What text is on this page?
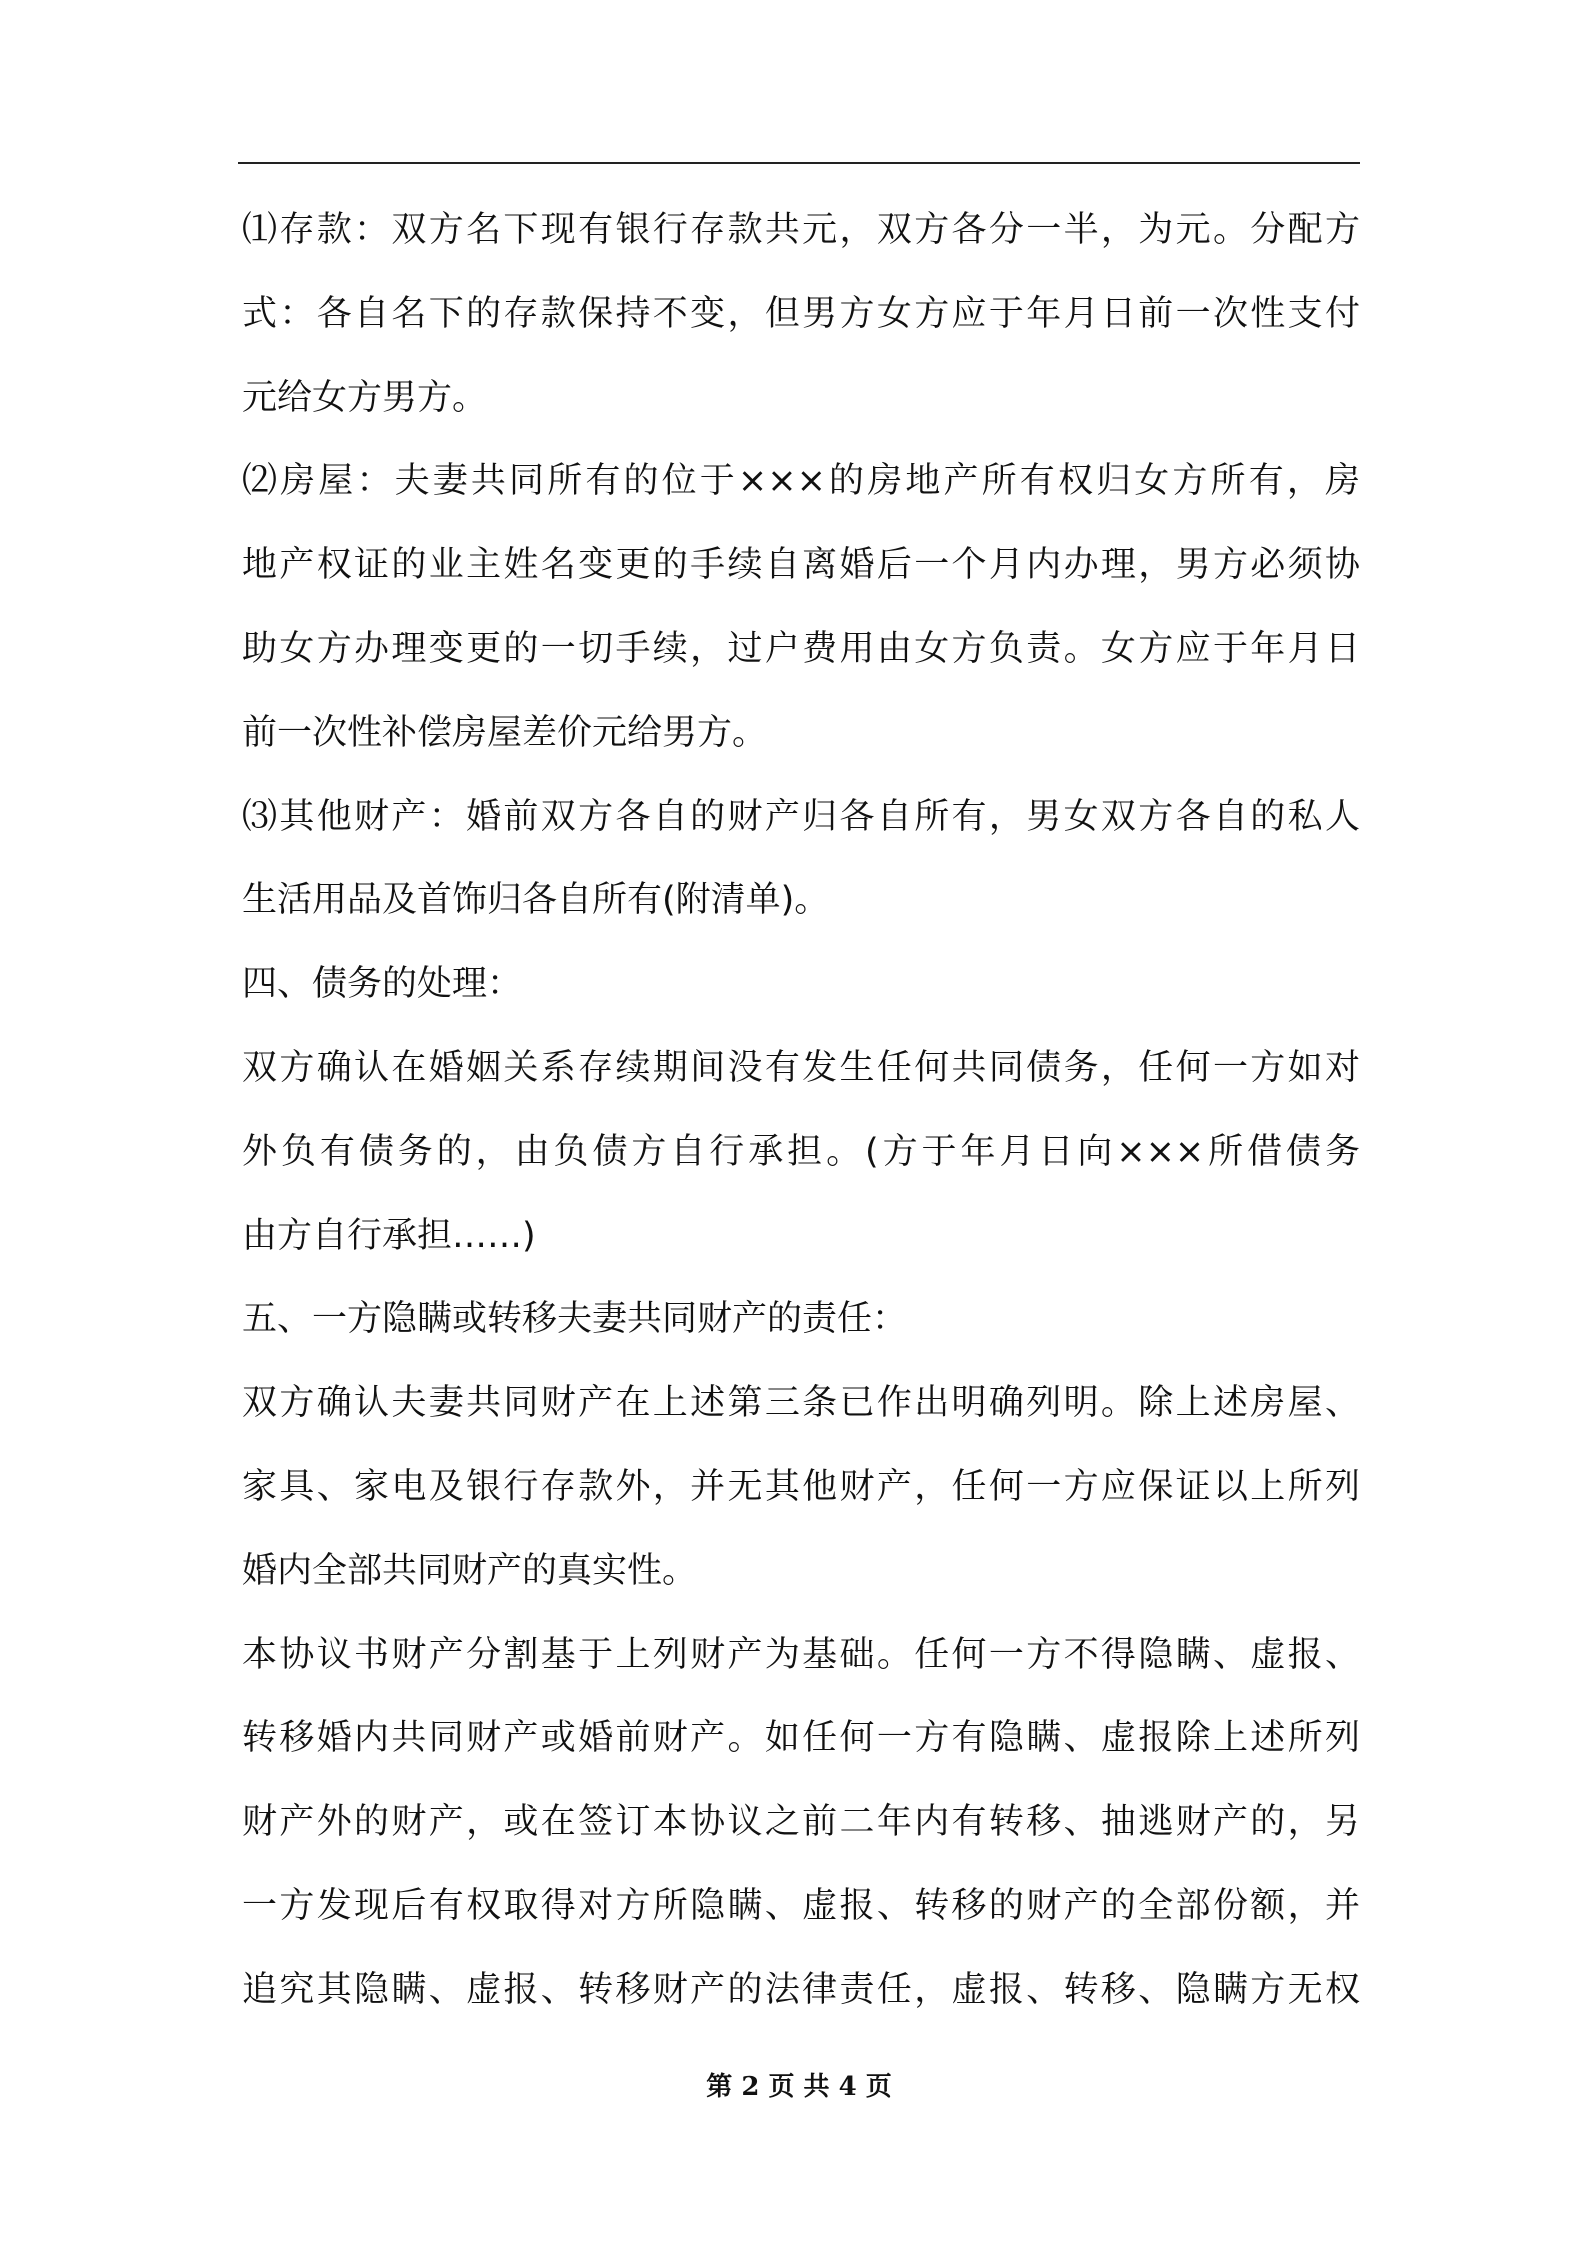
⑴存款：双方名下现有银行存款共元，双方各分一半，为元。分配方
式：各自名下的存款保持不变，但男方女方应于年月日前一次性支付
元给女方男方。
⑵房屋：夫妻共同所有的位于×××的房地产所有权归女方所有，房
地产权证的业主姓名变更的手续自离婚后一个月内办理，男方必须协
助女方办理变更的一切手续，过户费用由女方负责。女方应于年月日
前一次性补偿房屋差价元给男方。
⑶其他财产：婚前双方各自的财产归各自所有，男女双方各自的私人
生活用品及首饰归各自所有(附清单)。
四、债务的处理：
双方确认在婚姻关系存续期间没有发生任何共同债务，任何一方如对
外负有债务的，由负债方自行承担。(方于年月日向×××所借债务
由方自行承担……)
五、一方隐瞒或转移夫妻共同财产的责任：
双方确认夫妻共同财产在上述第三条已作出明确列明。除上述房屋、
家具、家电及银行存款外，并无其他财产，任何一方应保证以上所列
婚内全部共同财产的真实性。
本协议书财产分割基于上列财产为基础。任何一方不得隐瞒、虚报、
转移婚内共同财产或婚前财产。如任何一方有隐瞒、虚报除上述所列
财产外的财产，或在签订本协议之前二年内有转移、抽逃财产的，另
一方发现后有权取得对方所隐瞒、虚报、转移的财产的全部份额，并
追究其隐瞒、虚报、转移财产的法律责任，虚报、转移、隐瞒方无权
第 2 页 共 4 页
